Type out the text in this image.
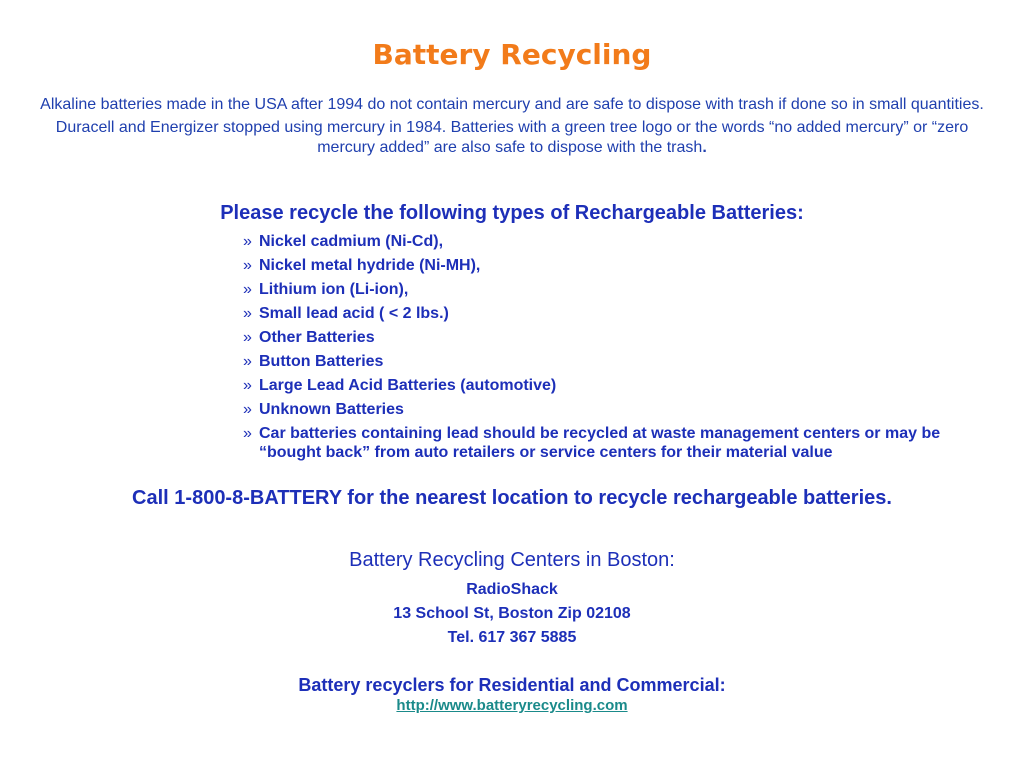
Battery Recycling

Alkaline batteries made in the USA after 1994 do not contain mercury and are safe to dispose with trash if done so in small quantities.

Duracell and Energizer stopped using mercury in 1984. Batteries with a green tree logo or the words “no added mercury” or “zero mercury added” are also safe to dispose with the trash.

Please recycle the following types of Rechargeable Batteries:
» Nickel cadmium (Ni-Cd),
» Nickel metal hydride (Ni-MH),
» Lithium ion (Li-ion),
» Small lead acid ( < 2 lbs.)
» Other Batteries
» Button Batteries
» Large Lead Acid Batteries (automotive)
» Unknown Batteries
» Car batteries containing lead should be recycled at waste management centers or may be “bought back” from auto retailers or service centers for their material value
Call 1-800-8-BATTERY for the nearest location to recycle rechargeable batteries.
Battery Recycling Centers in Boston:
RadioShack
13 School St, Boston Zip 02108
Tel. 617 367 5885
Battery recyclers for Residential and Commercial:
http://www.batteryrecycling.com
